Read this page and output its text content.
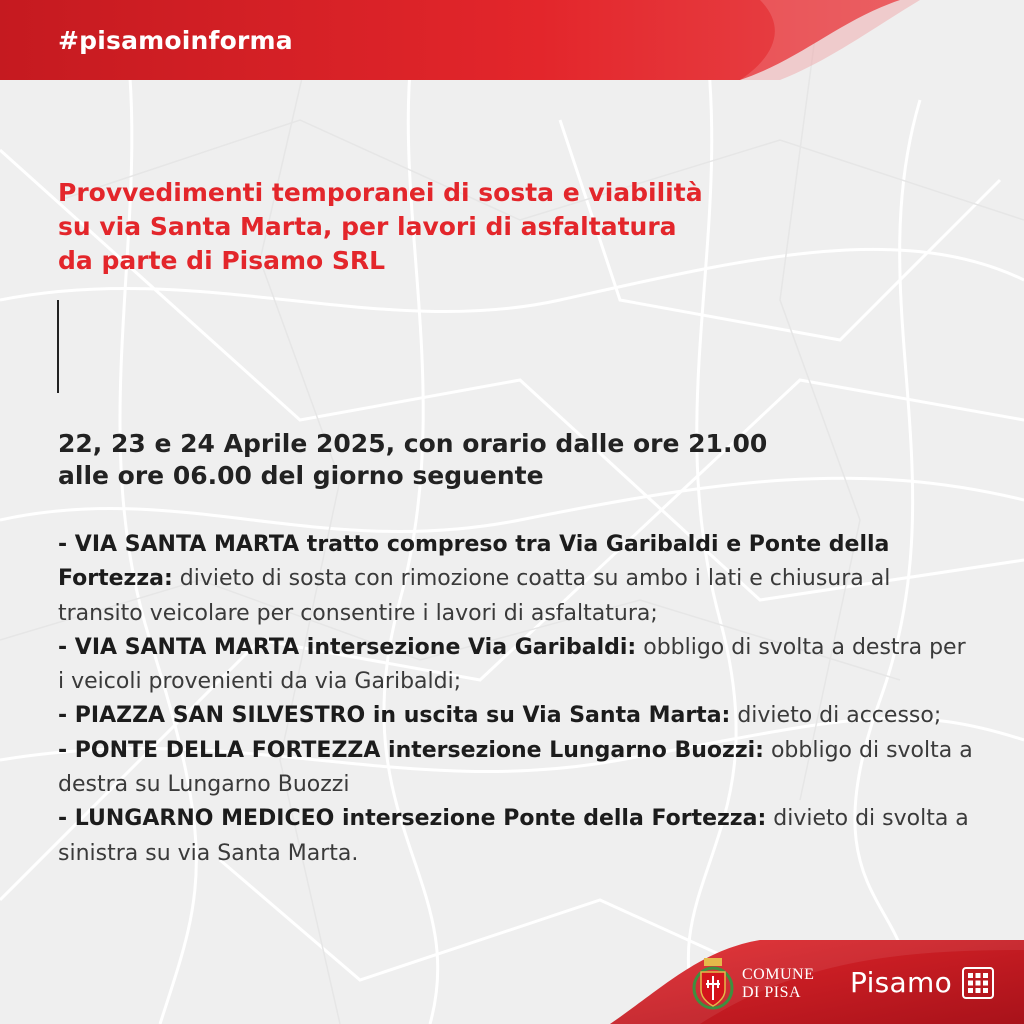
#pisamoinforma
Provvedimenti temporanei di sosta e viabilità
su via Santa Marta, per lavori di asfaltatura
da parte di Pisamo SRL

22, 23 e 24 Aprile 2025, con orario dalle ore 21.00
alle ore 06.00 del giorno seguente

- VIA SANTA MARTA tratto compreso tra Via Garibaldi e Ponte della Fortezza: divieto di sosta con rimozione coatta su ambo i lati e chiusura al transito veicolare per consentire i lavori di asfaltatura;

- VIA SANTA MARTA intersezione Via Garibaldi: obbligo di svolta a destra per i veicoli provenienti da via Garibaldi;

- PIAZZA SAN SILVESTRO in uscita su Via Santa Marta: divieto di accesso;

- PONTE DELLA FORTEZZA intersezione Lungarno Buozzi: obbligo di svolta a destra su Lungarno Buozzi

- LUNGARNO MEDICEO intersezione Ponte della Fortezza: divieto di svolta a sinistra su via Santa Marta.

COMUNE
DI PISA	Pisamo
